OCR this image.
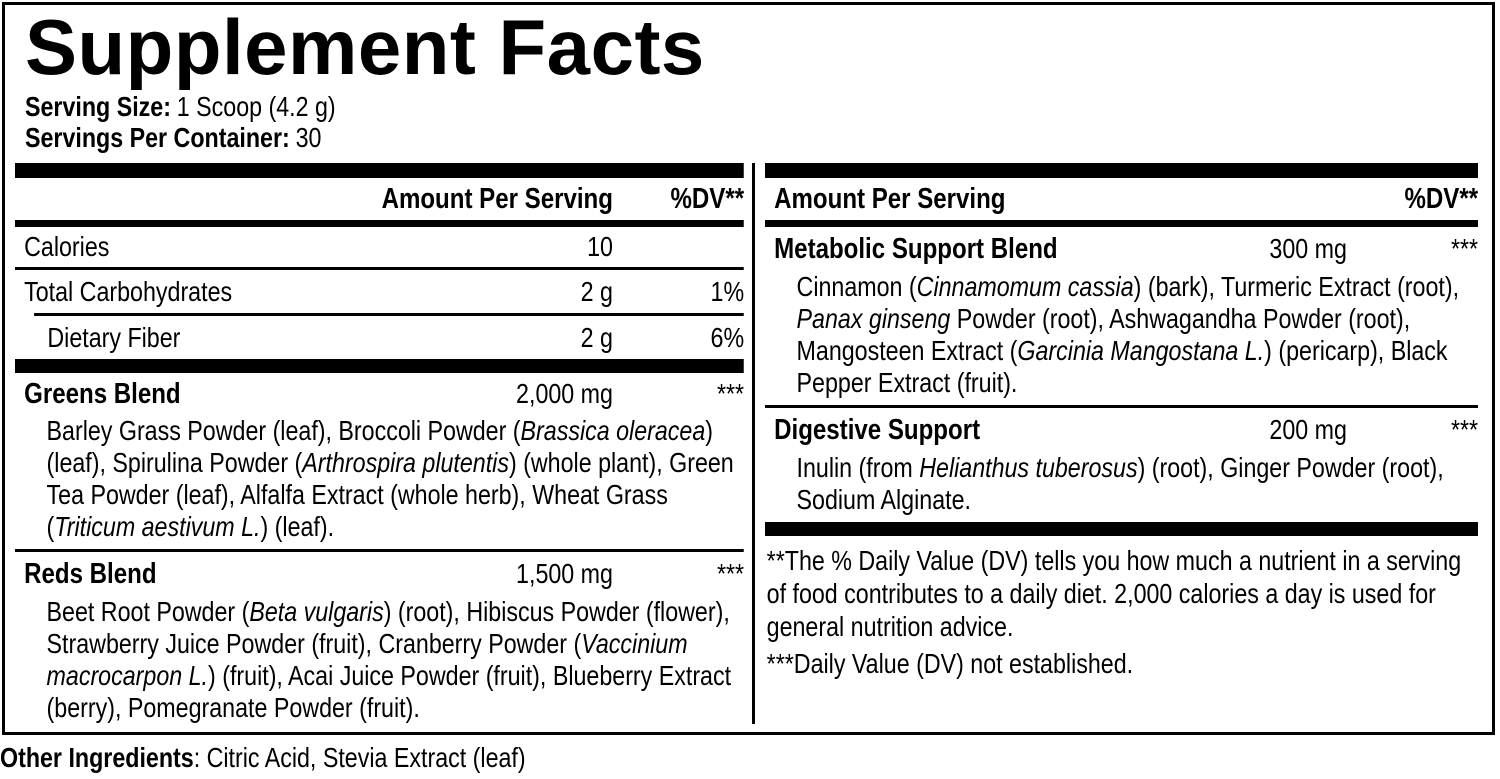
Supplement Facts
Serving Size: 1 Scoop (4.2 g)
Servings Per Container: 30
Amount Per Serving	%DV**
Calories	10
Total Carbohydrates	2 g	1%
Dietary Fiber	2 g	6%
Greens Blend	2,000 mg	***

Barley Grass Powder (leaf), Broccoli Powder (Brassica oleracea) (leaf), Spirulina Powder (Arthrospira plutentis) (whole plant), Green Tea Powder (leaf), Alfalfa Extract (whole herb), Wheat Grass (Triticum aestivum L.) (leaf).

Reds Blend	1,500 mg	***

Beet Root Powder (Beta vulgaris) (root), Hibiscus Powder (flower), Strawberry Juice Powder (fruit), Cranberry Powder (Vaccinium macrocarpon L.) (fruit), Acai Juice Powder (fruit), Blueberry Extract (berry), Pomegranate Powder (fruit).

Amount Per Serving	%DV**
Metabolic Support Blend	300 mg	***

Cinnamon (Cinnamomum cassia) (bark), Turmeric Extract (root), Panax ginseng Powder (root), Ashwagandha Powder (root), Mangosteen Extract (Garcinia Mangostana L.) (pericarp), Black Pepper Extract (fruit).

Digestive Support	200 mg	***

Inulin (from Helianthus tuberosus) (root), Ginger Powder (root), Sodium Alginate.

**The % Daily Value (DV) tells you how much a nutrient in a serving of food contributes to a daily diet. 2,000 calories a day is used for general nutrition advice.

***Daily Value (DV) not established.

Other Ingredients: Citric Acid, Stevia Extract (leaf)
